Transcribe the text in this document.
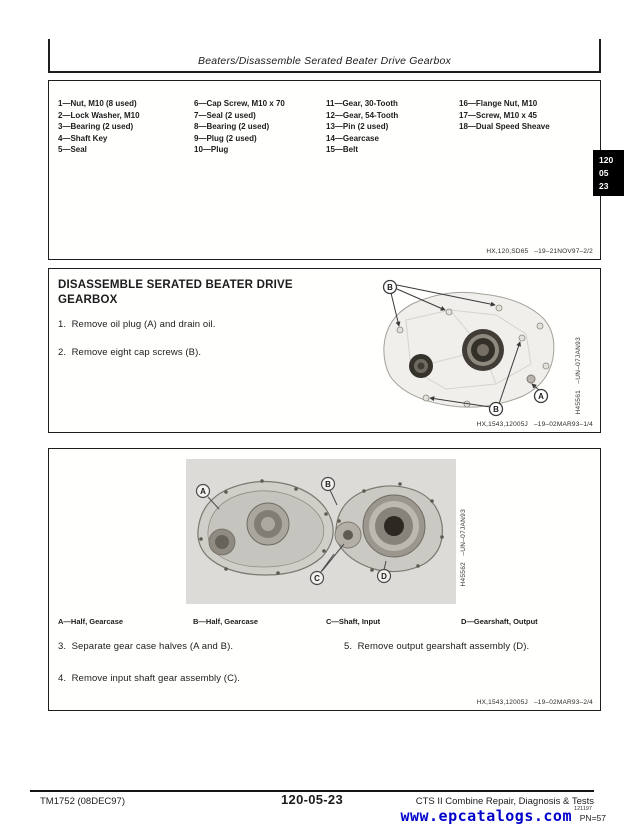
Beaters/Disassemble Serated Beater Drive Gearbox
1—Nut, M10 (8 used)
2—Lock Washer, M10
3—Bearing (2 used)
4—Shaft Key
5—Seal
6—Cap Screw, M10 x 70
7—Seal (2 used)
8—Bearing (2 used)
9—Plug (2 used)
10—Plug
11—Gear, 30-Tooth
12—Gear, 54-Tooth
13—Pin (2 used)
14—Gearcase
15—Belt
16—Flange Nut, M10
17—Screw, M10 x 45
18—Dual Speed Sheave
HX,120,SD65   –19–21NOV97–2/2
120
05
23
DISASSEMBLE SERATED BEATER DRIVE GEARBOX
1.  Remove oil plug (A) and drain oil.
2.  Remove eight cap screws (B).
B
B
A	H45561   –UN–07JAN93
HX,1543,12005J   –19–02MAR93–1/4
A
B
C	D	H45562   –UN–07JAN93
A—Half, Gearcase	B—Half, Gearcase	C—Shaft, Input	D—Gearshaft, Output
3.  Separate gear case halves (A and B).
4.  Remove input shaft gear assembly (C).
5.  Remove output gearshaft assembly (D).
HX,1543,12005J   –19–02MAR93–2/4
TM1752 (08DEC97)	120-05-23	CTS II Combine Repair, Diagnosis & Tests
121197
www.epcatalogs.com PN=57
